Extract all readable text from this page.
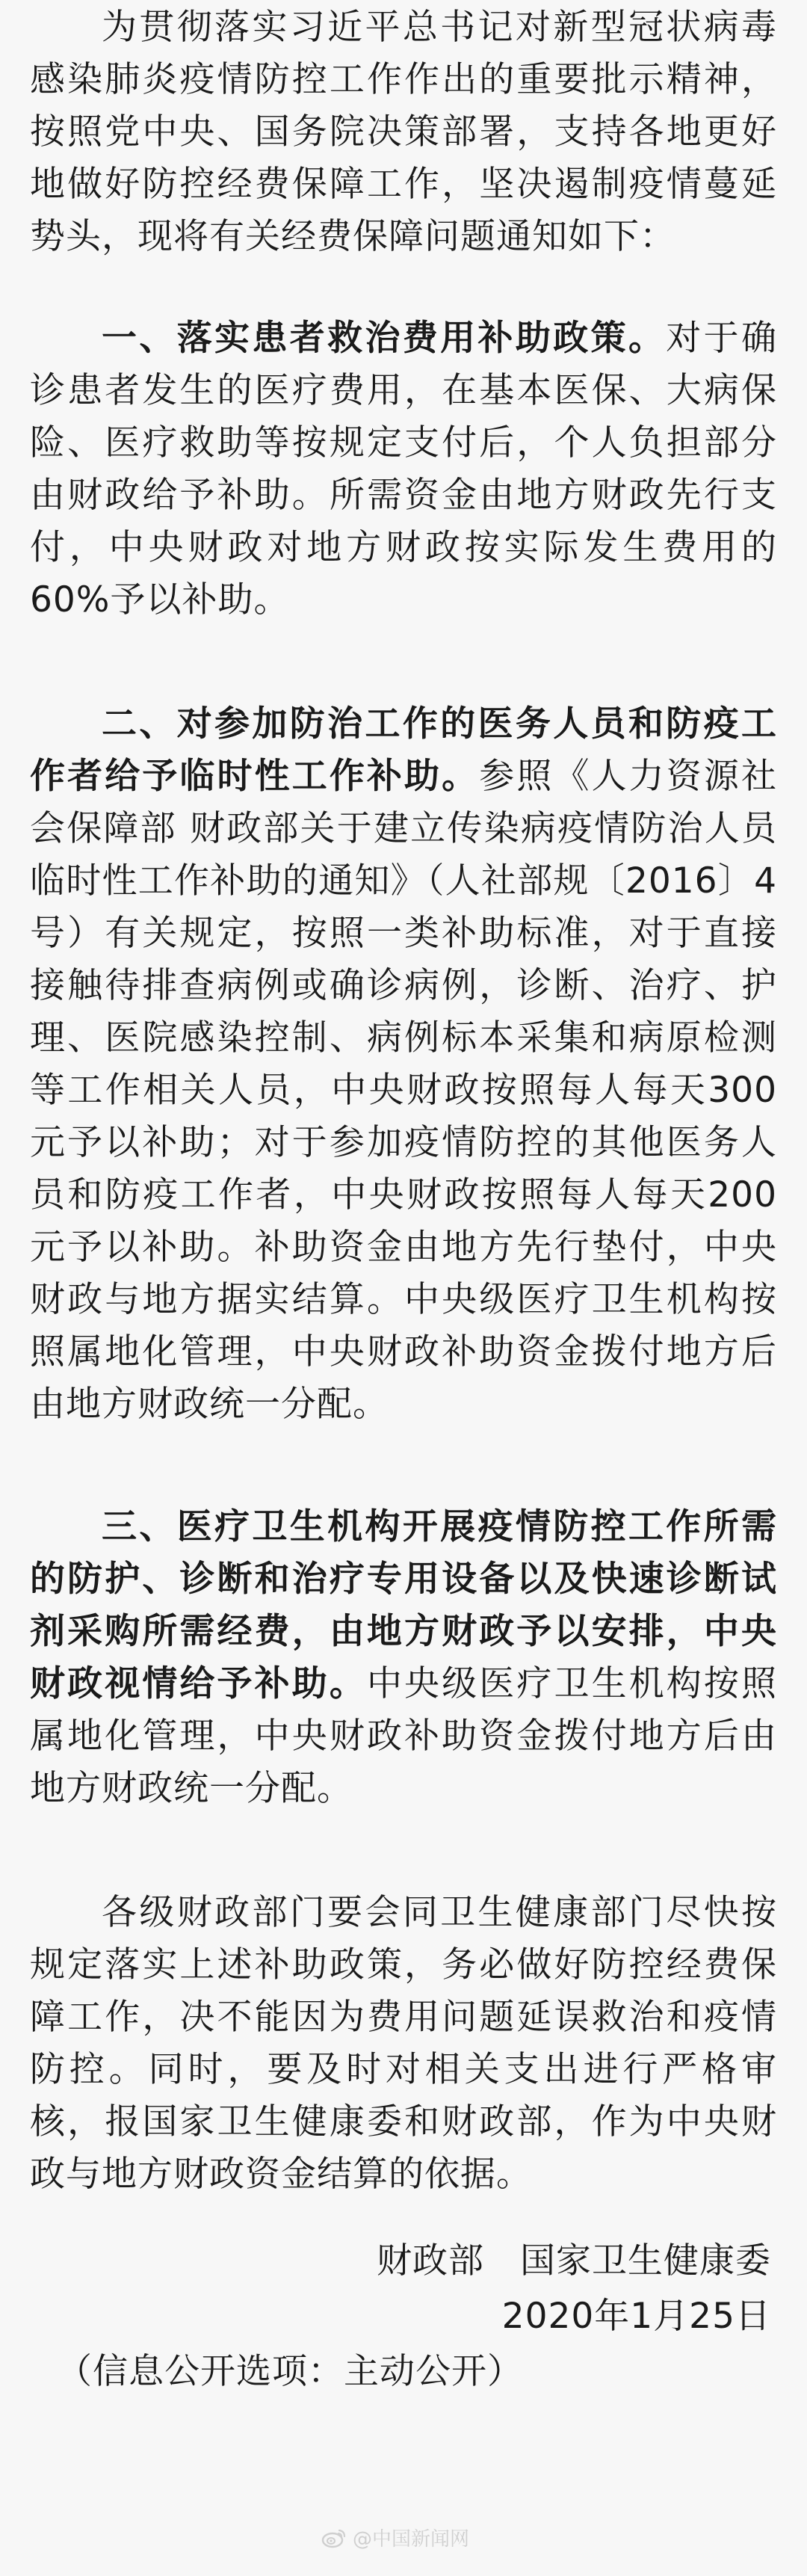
为贯彻落实习近平总书记对新型冠状病毒感染肺炎疫情防控工作作出的重要批示精神，按照党中央、国务院决策部署，支持各地更好地做好防控经费保障工作，坚决遏制疫情蔓延势头，现将有关经费保障问题通知如下：

一、落实患者救治费用补助政策。对于确诊患者发生的医疗费用，在基本医保、大病保险、医疗救助等按规定支付后，个人负担部分由财政给予补助。所需资金由地方财政先行支付，中央财政对地方财政按实际发生费用的60%予以补助。

二、对参加防治工作的医务人员和防疫工作者给予临时性工作补助。参照《人力资源社会保障部 财政部关于建立传染病疫情防治人员临时性工作补助的通知》（人社部规〔2016〕4号）有关规定，按照一类补助标准，对于直接接触待排查病例或确诊病例，诊断、治疗、护理、医院感染控制、病例标本采集和病原检测等工作相关人员，中央财政按照每人每天300元予以补助；对于参加疫情防控的其他医务人员和防疫工作者，中央财政按照每人每天200元予以补助。补助资金由地方先行垫付，中央财政与地方据实结算。中央级医疗卫生机构按照属地化管理，中央财政补助资金拨付地方后由地方财政统一分配。

三、医疗卫生机构开展疫情防控工作所需的防护、诊断和治疗专用设备以及快速诊断试剂采购所需经费，由地方财政予以安排，中央财政视情给予补助。中央级医疗卫生机构按照属地化管理，中央财政补助资金拨付地方后由地方财政统一分配。

各级财政部门要会同卫生健康部门尽快按规定落实上述补助政策，务必做好防控经费保障工作，决不能因为费用问题延误救治和疫情防控。同时，要及时对相关支出进行严格审核，报国家卫生健康委和财政部，作为中央财政与地方财政资金结算的依据。

财政部　国家卫生健康委
2020年1月25日
（信息公开选项：主动公开）
@中国新闻网
